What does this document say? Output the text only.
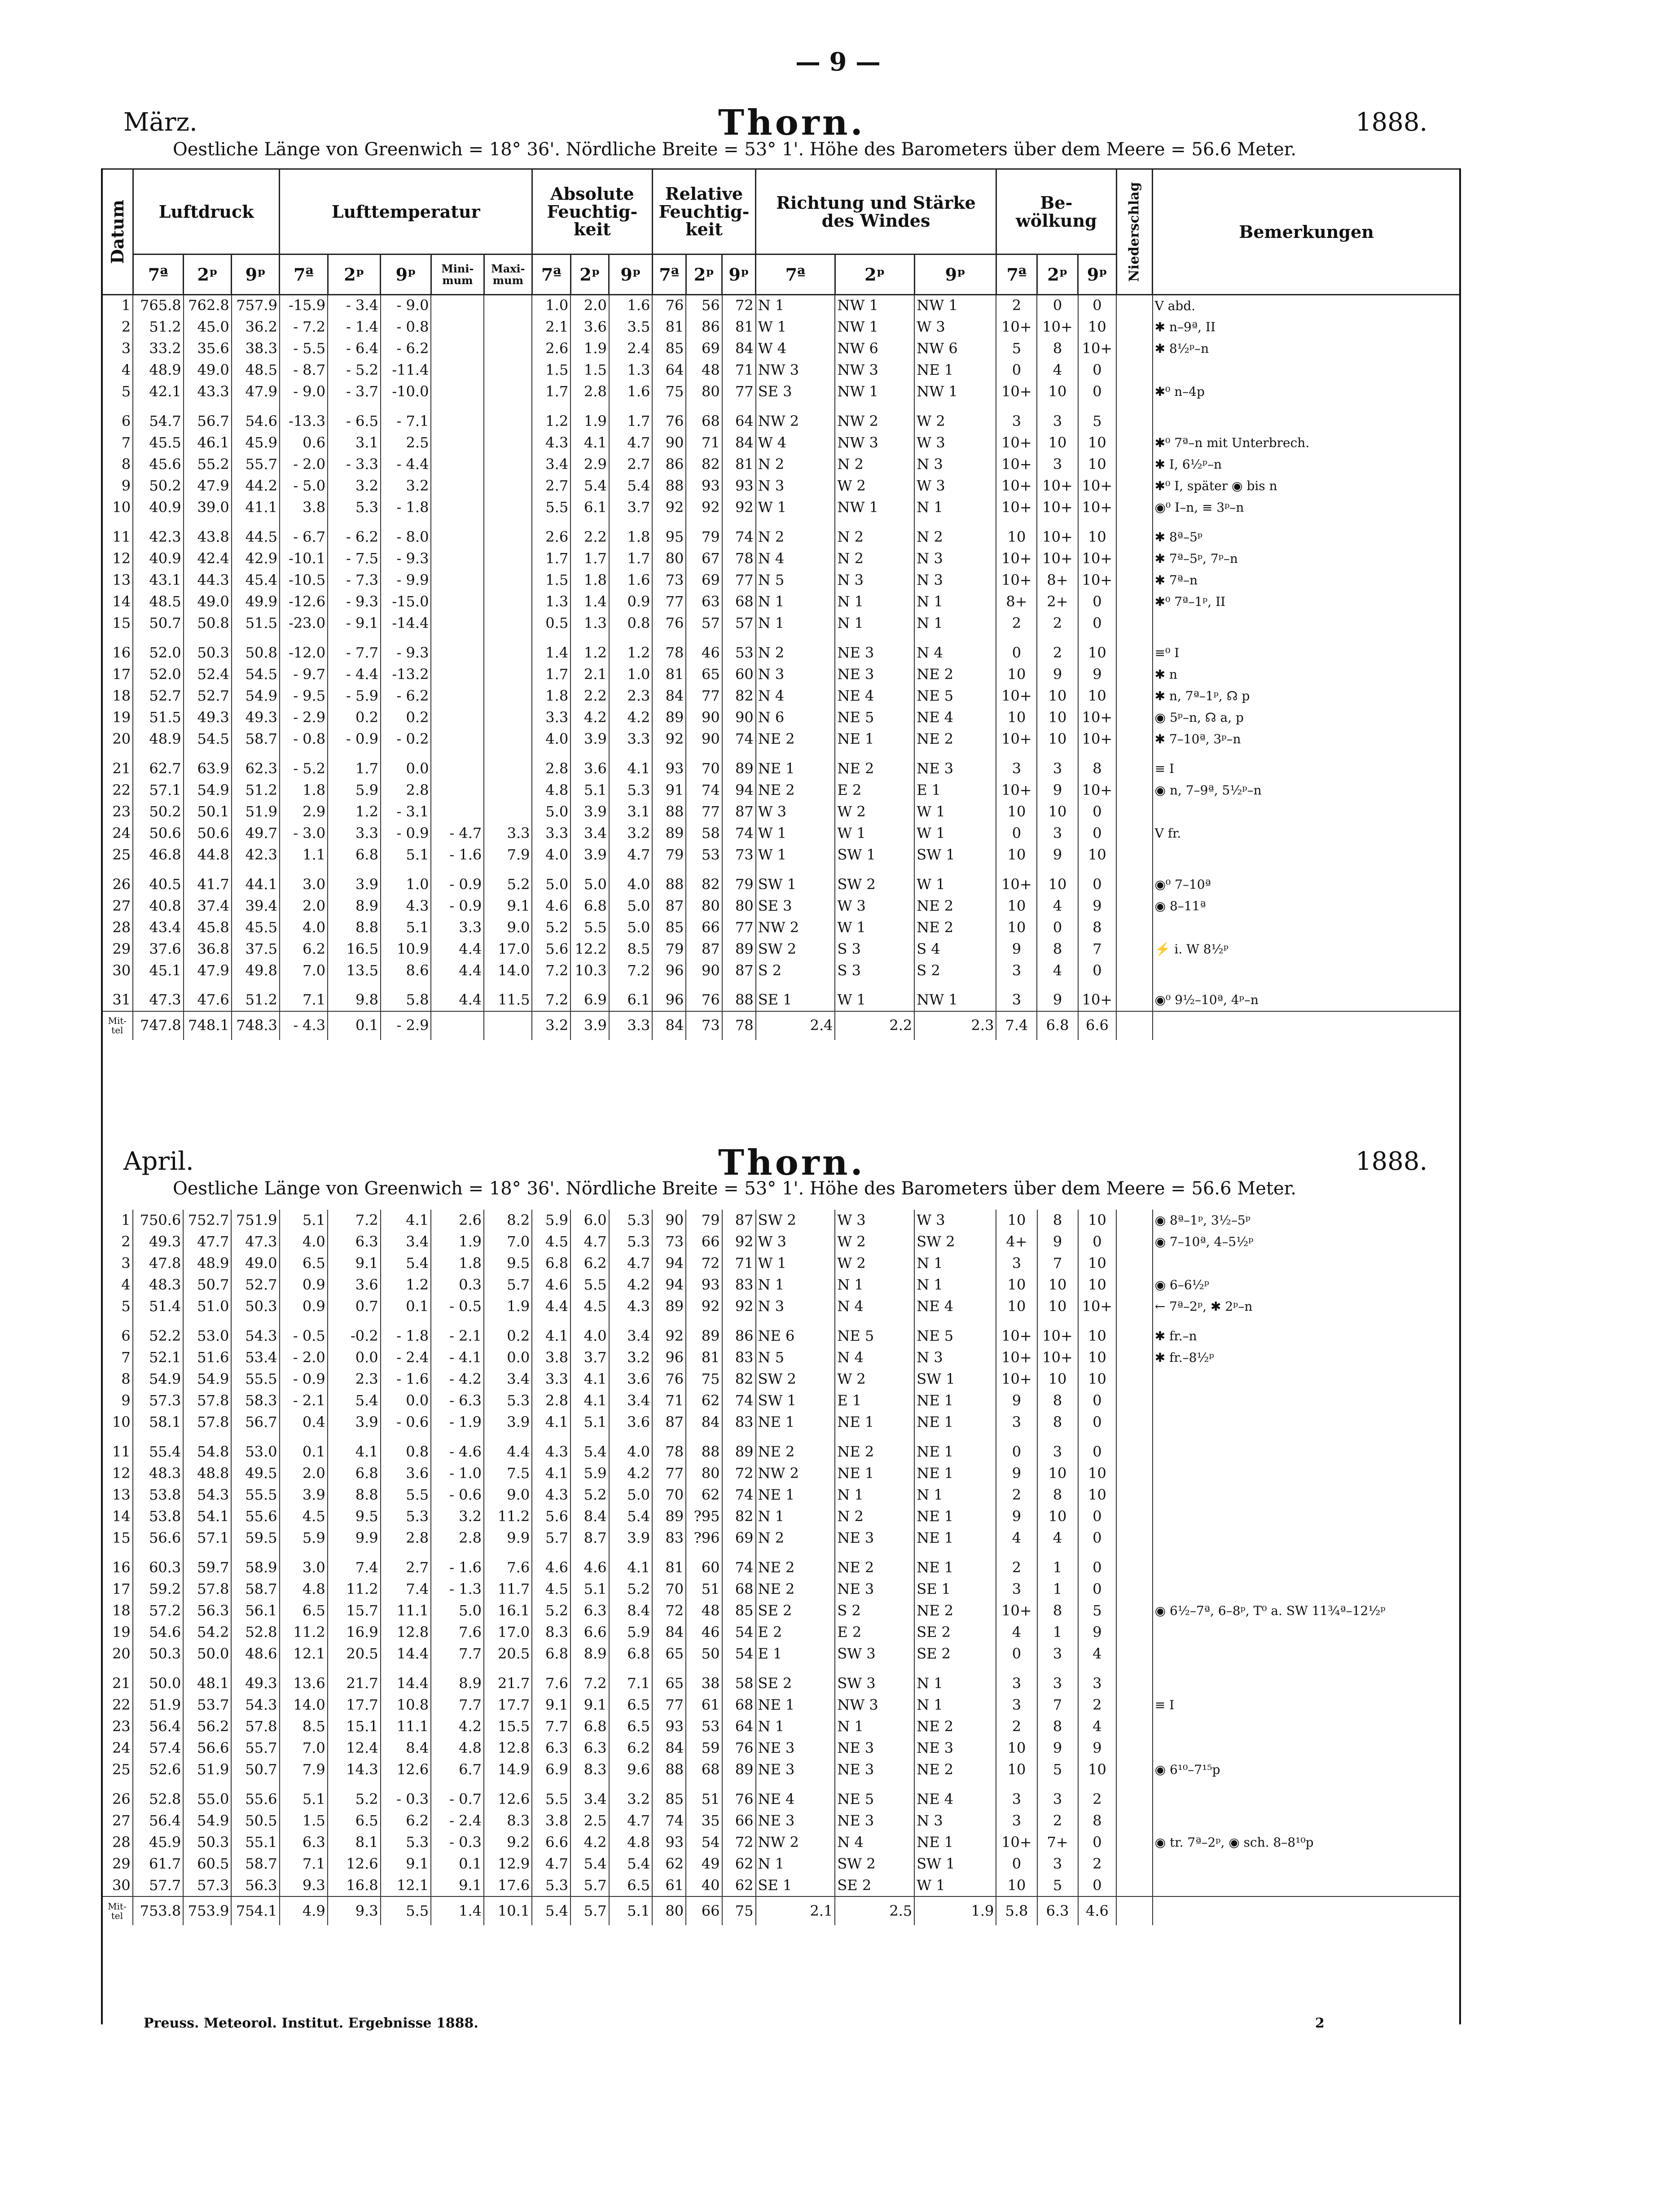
— 9 —
März.	Thorn.	1888.
Oestliche Länge von Greenwich = 18° 36'. Nördliche Breite = 53° 1'. Höhe des Barometers über dem Meere = 56.6 Meter.
Datum	Luftdruck			Lufttemperatur					Absolute Feuchtig- keit			Relative Feuchtig- keit			Richtung und Stärke des Windes			Be- wölkung			Niederschlag	Bemerkungen
	7ª	2ᵖ	9ᵖ	7ª	2ᵖ	9ᵖ	Mini- mum	Maxi- mum	7ª	2ᵖ	9ᵖ	7ª	2ᵖ	9ᵖ	7ª	2ᵖ	9ᵖ	7ª	2ᵖ	9ᵖ		
1	765.8	762.8	757.9	-15.9	- 3.4	- 9.0			1.0	2.0	1.6	76	56	72	N 1	NW 1	NW 1	2	0	0		V abd.
2	51.2	45.0	36.2	- 7.2	- 1.4	- 0.8			2.1	3.6	3.5	81	86	81	W 1	NW 1	W 3	10+	10+	10		✱ n–9ª, II
3	33.2	35.6	38.3	- 5.5	- 6.4	- 6.2			2.6	1.9	2.4	85	69	84	W 4	NW 6	NW 6	5	8	10+		✱ 8½ᵖ–n
4	48.9	49.0	48.5	- 8.7	- 5.2	-11.4			1.5	1.5	1.3	64	48	71	NW 3	NW 3	NE 1	0	4	0		
5	42.1	43.3	47.9	- 9.0	- 3.7	-10.0			1.7	2.8	1.6	75	80	77	SE 3	NW 1	NW 1	10+	10	0		✱⁰ n–4p

6	54.7	56.7	54.6	-13.3	- 6.5	- 7.1			1.2	1.9	1.7	76	68	64	NW 2	NW 2	W 2	3	3	5		
7	45.5	46.1	45.9	0.6	3.1	2.5			4.3	4.1	4.7	90	71	84	W 4	NW 3	W 3	10+	10	10		✱⁰ 7ª–n mit Unterbrech.
8	45.6	55.2	55.7	- 2.0	- 3.3	- 4.4			3.4	2.9	2.7	86	82	81	N 2	N 2	N 3	10+	3	10		✱ I, 6½ᵖ–n
9	50.2	47.9	44.2	- 5.0	3.2	3.2			2.7	5.4	5.4	88	93	93	N 3	W 2	W 3	10+	10+	10+		✱⁰ I, später ◉ bis n
10	40.9	39.0	41.1	3.8	5.3	- 1.8			5.5	6.1	3.7	92	92	92	W 1	NW 1	N 1	10+	10+	10+		◉⁰ I–n, ≡ 3ᵖ–n

11	42.3	43.8	44.5	- 6.7	- 6.2	- 8.0			2.6	2.2	1.8	95	79	74	N 2	N 2	N 2	10	10+	10		✱ 8ª–5ᵖ
12	40.9	42.4	42.9	-10.1	- 7.5	- 9.3			1.7	1.7	1.7	80	67	78	N 4	N 2	N 3	10+	10+	10+		✱ 7ª–5ᵖ, 7ᵖ–n
13	43.1	44.3	45.4	-10.5	- 7.3	- 9.9			1.5	1.8	1.6	73	69	77	N 5	N 3	N 3	10+	8+	10+		✱ 7ª–n
14	48.5	49.0	49.9	-12.6	- 9.3	-15.0			1.3	1.4	0.9	77	63	68	N 1	N 1	N 1	8+	2+	0		✱⁰ 7ª–1ᵖ, II
15	50.7	50.8	51.5	-23.0	- 9.1	-14.4			0.5	1.3	0.8	76	57	57	N 1	N 1	N 1	2	2	0		

16	52.0	50.3	50.8	-12.0	- 7.7	- 9.3			1.4	1.2	1.2	78	46	53	N 2	NE 3	N 4	0	2	10		≡⁰ I
17	52.0	52.4	54.5	- 9.7	- 4.4	-13.2			1.7	2.1	1.0	81	65	60	N 3	NE 3	NE 2	10	9	9		✱ n
18	52.7	52.7	54.9	- 9.5	- 5.9	- 6.2			1.8	2.2	2.3	84	77	82	N 4	NE 4	NE 5	10+	10	10		✱ n, 7ª–1ᵖ, ☊ p
19	51.5	49.3	49.3	- 2.9	0.2	0.2			3.3	4.2	4.2	89	90	90	N 6	NE 5	NE 4	10	10	10+		◉ 5ᵖ–n, ☊ a, p
20	48.9	54.5	58.7	- 0.8	- 0.9	- 0.2			4.0	3.9	3.3	92	90	74	NE 2	NE 1	NE 2	10+	10	10+		✱ 7–10ª, 3ᵖ–n

21	62.7	63.9	62.3	- 5.2	1.7	0.0			2.8	3.6	4.1	93	70	89	NE 1	NE 2	NE 3	3	3	8		≡ I
22	57.1	54.9	51.2	1.8	5.9	2.8			4.8	5.1	5.3	91	74	94	NE 2	E 2	E 1	10+	9	10+		◉ n, 7–9ª, 5½ᵖ–n
23	50.2	50.1	51.9	2.9	1.2	- 3.1			5.0	3.9	3.1	88	77	87	W 3	W 2	W 1	10	10	0		
24	50.6	50.6	49.7	- 3.0	3.3	- 0.9	- 4.7	3.3	3.3	3.4	3.2	89	58	74	W 1	W 1	W 1	0	3	0		V fr.
25	46.8	44.8	42.3	1.1	6.8	5.1	- 1.6	7.9	4.0	3.9	4.7	79	53	73	W 1	SW 1	SW 1	10	9	10		

26	40.5	41.7	44.1	3.0	3.9	1.0	- 0.9	5.2	5.0	5.0	4.0	88	82	79	SW 1	SW 2	W 1	10+	10	0		◉⁰ 7–10ª
27	40.8	37.4	39.4	2.0	8.9	4.3	- 0.9	9.1	4.6	6.8	5.0	87	80	80	SE 3	W 3	NE 2	10	4	9		◉ 8–11ª
28	43.4	45.8	45.5	4.0	8.8	5.1	3.3	9.0	5.2	5.5	5.0	85	66	77	NW 2	W 1	NE 2	10	0	8		
29	37.6	36.8	37.5	6.2	16.5	10.9	4.4	17.0	5.6	12.2	8.5	79	87	89	SW 2	S 3	S 4	9	8	7		⚡ i. W 8½ᵖ
30	45.1	47.9	49.8	7.0	13.5	8.6	4.4	14.0	7.2	10.3	7.2	96	90	87	S 2	S 3	S 2	3	4	0		

31	47.3	47.6	51.2	7.1	9.8	5.8	4.4	11.5	7.2	6.9	6.1	96	76	88	SE 1	W 1	NW 1	3	9	10+		◉⁰ 9½–10ª, 4ᵖ–n
Mit- tel	747.8	748.1	748.3	- 4.3	0.1	- 2.9			3.2	3.9	3.3	84	73	78	2.4	2.2	2.3	7.4	6.8	6.6		
April.	Thorn.	1888.
Oestliche Länge von Greenwich = 18° 36'. Nördliche Breite = 53° 1'. Höhe des Barometers über dem Meere = 56.6 Meter.
1	750.6	752.7	751.9	5.1	7.2	4.1	2.6	8.2	5.9	6.0	5.3	90	79	87	SW 2	W 3	W 3	10	8	10		◉ 8ª–1ᵖ, 3½–5ᵖ
2	49.3	47.7	47.3	4.0	6.3	3.4	1.9	7.0	4.5	4.7	5.3	73	66	92	W 3	W 2	SW 2	4+	9	0		◉ 7–10ª, 4–5½ᵖ
3	47.8	48.9	49.0	6.5	9.1	5.4	1.8	9.5	6.8	6.2	4.7	94	72	71	W 1	W 2	N 1	3	7	10		
4	48.3	50.7	52.7	0.9	3.6	1.2	0.3	5.7	4.6	5.5	4.2	94	93	83	N 1	N 1	N 1	10	10	10		◉ 6–6½ᵖ
5	51.4	51.0	50.3	0.9	0.7	0.1	- 0.5	1.9	4.4	4.5	4.3	89	92	92	N 3	N 4	NE 4	10	10	10+		← 7ª–2ᵖ, ✱ 2ᵖ–n

6	52.2	53.0	54.3	- 0.5	-0.2	- 1.8	- 2.1	0.2	4.1	4.0	3.4	92	89	86	NE 6	NE 5	NE 5	10+	10+	10		✱ fr.–n
7	52.1	51.6	53.4	- 2.0	0.0	- 2.4	- 4.1	0.0	3.8	3.7	3.2	96	81	83	N 5	N 4	N 3	10+	10+	10		✱ fr.–8½ᵖ
8	54.9	54.9	55.5	- 0.9	2.3	- 1.6	- 4.2	3.4	3.3	4.1	3.6	76	75	82	SW 2	W 2	SW 1	10+	10	10		
9	57.3	57.8	58.3	- 2.1	5.4	0.0	- 6.3	5.3	2.8	4.1	3.4	71	62	74	SW 1	E 1	NE 1	9	8	0		
10	58.1	57.8	56.7	0.4	3.9	- 0.6	- 1.9	3.9	4.1	5.1	3.6	87	84	83	NE 1	NE 1	NE 1	3	8	0		

11	55.4	54.8	53.0	0.1	4.1	0.8	- 4.6	4.4	4.3	5.4	4.0	78	88	89	NE 2	NE 2	NE 1	0	3	0		
12	48.3	48.8	49.5	2.0	6.8	3.6	- 1.0	7.5	4.1	5.9	4.2	77	80	72	NW 2	NE 1	NE 1	9	10	10		
13	53.8	54.3	55.5	3.9	8.8	5.5	- 0.6	9.0	4.3	5.2	5.0	70	62	74	NE 1	N 1	N 1	2	8	10		
14	53.8	54.1	55.6	4.5	9.5	5.3	3.2	11.2	5.6	8.4	5.4	89	?95	82	N 1	N 2	NE 1	9	10	0		
15	56.6	57.1	59.5	5.9	9.9	2.8	2.8	9.9	5.7	8.7	3.9	83	?96	69	N 2	NE 3	NE 1	4	4	0		

16	60.3	59.7	58.9	3.0	7.4	2.7	- 1.6	7.6	4.6	4.6	4.1	81	60	74	NE 2	NE 2	NE 1	2	1	0		
17	59.2	57.8	58.7	4.8	11.2	7.4	- 1.3	11.7	4.5	5.1	5.2	70	51	68	NE 2	NE 3	SE 1	3	1	0		
18	57.2	56.3	56.1	6.5	15.7	11.1	5.0	16.1	5.2	6.3	8.4	72	48	85	SE 2	S 2	NE 2	10+	8	5		◉ 6½–7ª, 6–8ᵖ, T⁰ a. SW 11¾ª–12½ᵖ
19	54.6	54.2	52.8	11.2	16.9	12.8	7.6	17.0	8.3	6.6	5.9	84	46	54	E 2	E 2	SE 2	4	1	9		
20	50.3	50.0	48.6	12.1	20.5	14.4	7.7	20.5	6.8	8.9	6.8	65	50	54	E 1	SW 3	SE 2	0	3	4		

21	50.0	48.1	49.3	13.6	21.7	14.4	8.9	21.7	7.6	7.2	7.1	65	38	58	SE 2	SW 3	N 1	3	3	3		
22	51.9	53.7	54.3	14.0	17.7	10.8	7.7	17.7	9.1	9.1	6.5	77	61	68	NE 1	NW 3	N 1	3	7	2		≡ I
23	56.4	56.2	57.8	8.5	15.1	11.1	4.2	15.5	7.7	6.8	6.5	93	53	64	N 1	N 1	NE 2	2	8	4		
24	57.4	56.6	55.7	7.0	12.4	8.4	4.8	12.8	6.3	6.3	6.2	84	59	76	NE 3	NE 3	NE 3	10	9	9		
25	52.6	51.9	50.7	7.9	14.3	12.6	6.7	14.9	6.9	8.3	9.6	88	68	89	NE 3	NE 3	NE 2	10	5	10		◉ 6¹⁰–7¹⁵p

26	52.8	55.0	55.6	5.1	5.2	- 0.3	- 0.7	12.6	5.5	3.4	3.2	85	51	76	NE 4	NE 5	NE 4	3	3	2		
27	56.4	54.9	50.5	1.5	6.5	6.2	- 2.4	8.3	3.8	2.5	4.7	74	35	66	NE 3	NE 3	N 3	3	2	8		
28	45.9	50.3	55.1	6.3	8.1	5.3	- 0.3	9.2	6.6	4.2	4.8	93	54	72	NW 2	N 4	NE 1	10+	7+	0		◉ tr. 7ª–2ᵖ, ◉ sch. 8–8¹⁰p
29	61.7	60.5	58.7	7.1	12.6	9.1	0.1	12.9	4.7	5.4	5.4	62	49	62	N 1	SW 2	SW 1	0	3	2		
30	57.7	57.3	56.3	9.3	16.8	12.1	9.1	17.6	5.3	5.7	6.5	61	40	62	SE 1	SE 2	W 1	10	5	0		
Mit- tel	753.8	753.9	754.1	4.9	9.3	5.5	1.4	10.1	5.4	5.7	5.1	80	66	75	2.1	2.5	1.9	5.8	6.3	4.6		
Preuss. Meteorol. Institut. Ergebnisse 1888.	2
